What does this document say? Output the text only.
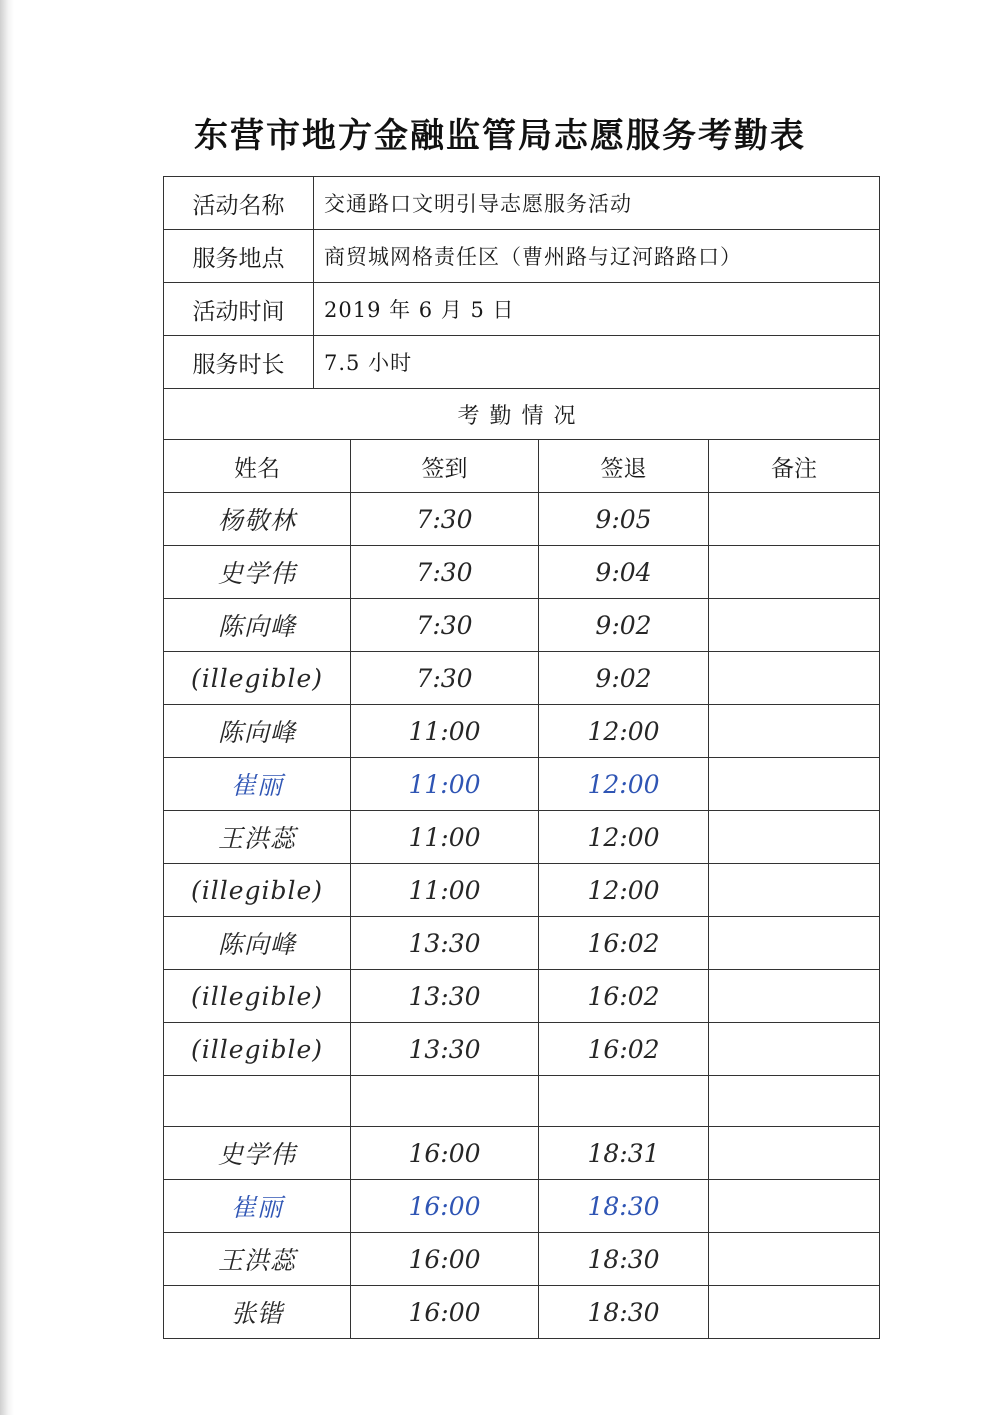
东营市地方金融监管局志愿服务考勤表
活动名称	交通路口文明引导志愿服务活动			
服务地点	商贸城网格责任区（曹州路与辽河路路口）			
活动时间	2019 年 6 月 5 日			
服务时长	7.5 小时			
考勤情况				
姓名		签到	签退	备注

杨敬林		7:30	9:05	

史学伟		7:30	9:04	

陈向峰		7:30	9:02	

(illegible)		7:30	9:02	

陈向峰		11:00	12:00	

崔丽		11:00	12:00	

王洪蕊		11:00	12:00	

(illegible)		11:00	12:00	

陈向峰		13:30	16:02	

(illegible)		13:30	16:02	

(illegible)		13:30	16:02	

史学伟		16:00	18:31	

崔丽		16:00	18:30	

王洪蕊		16:00	18:30	

张锴		16:00	18:30	
